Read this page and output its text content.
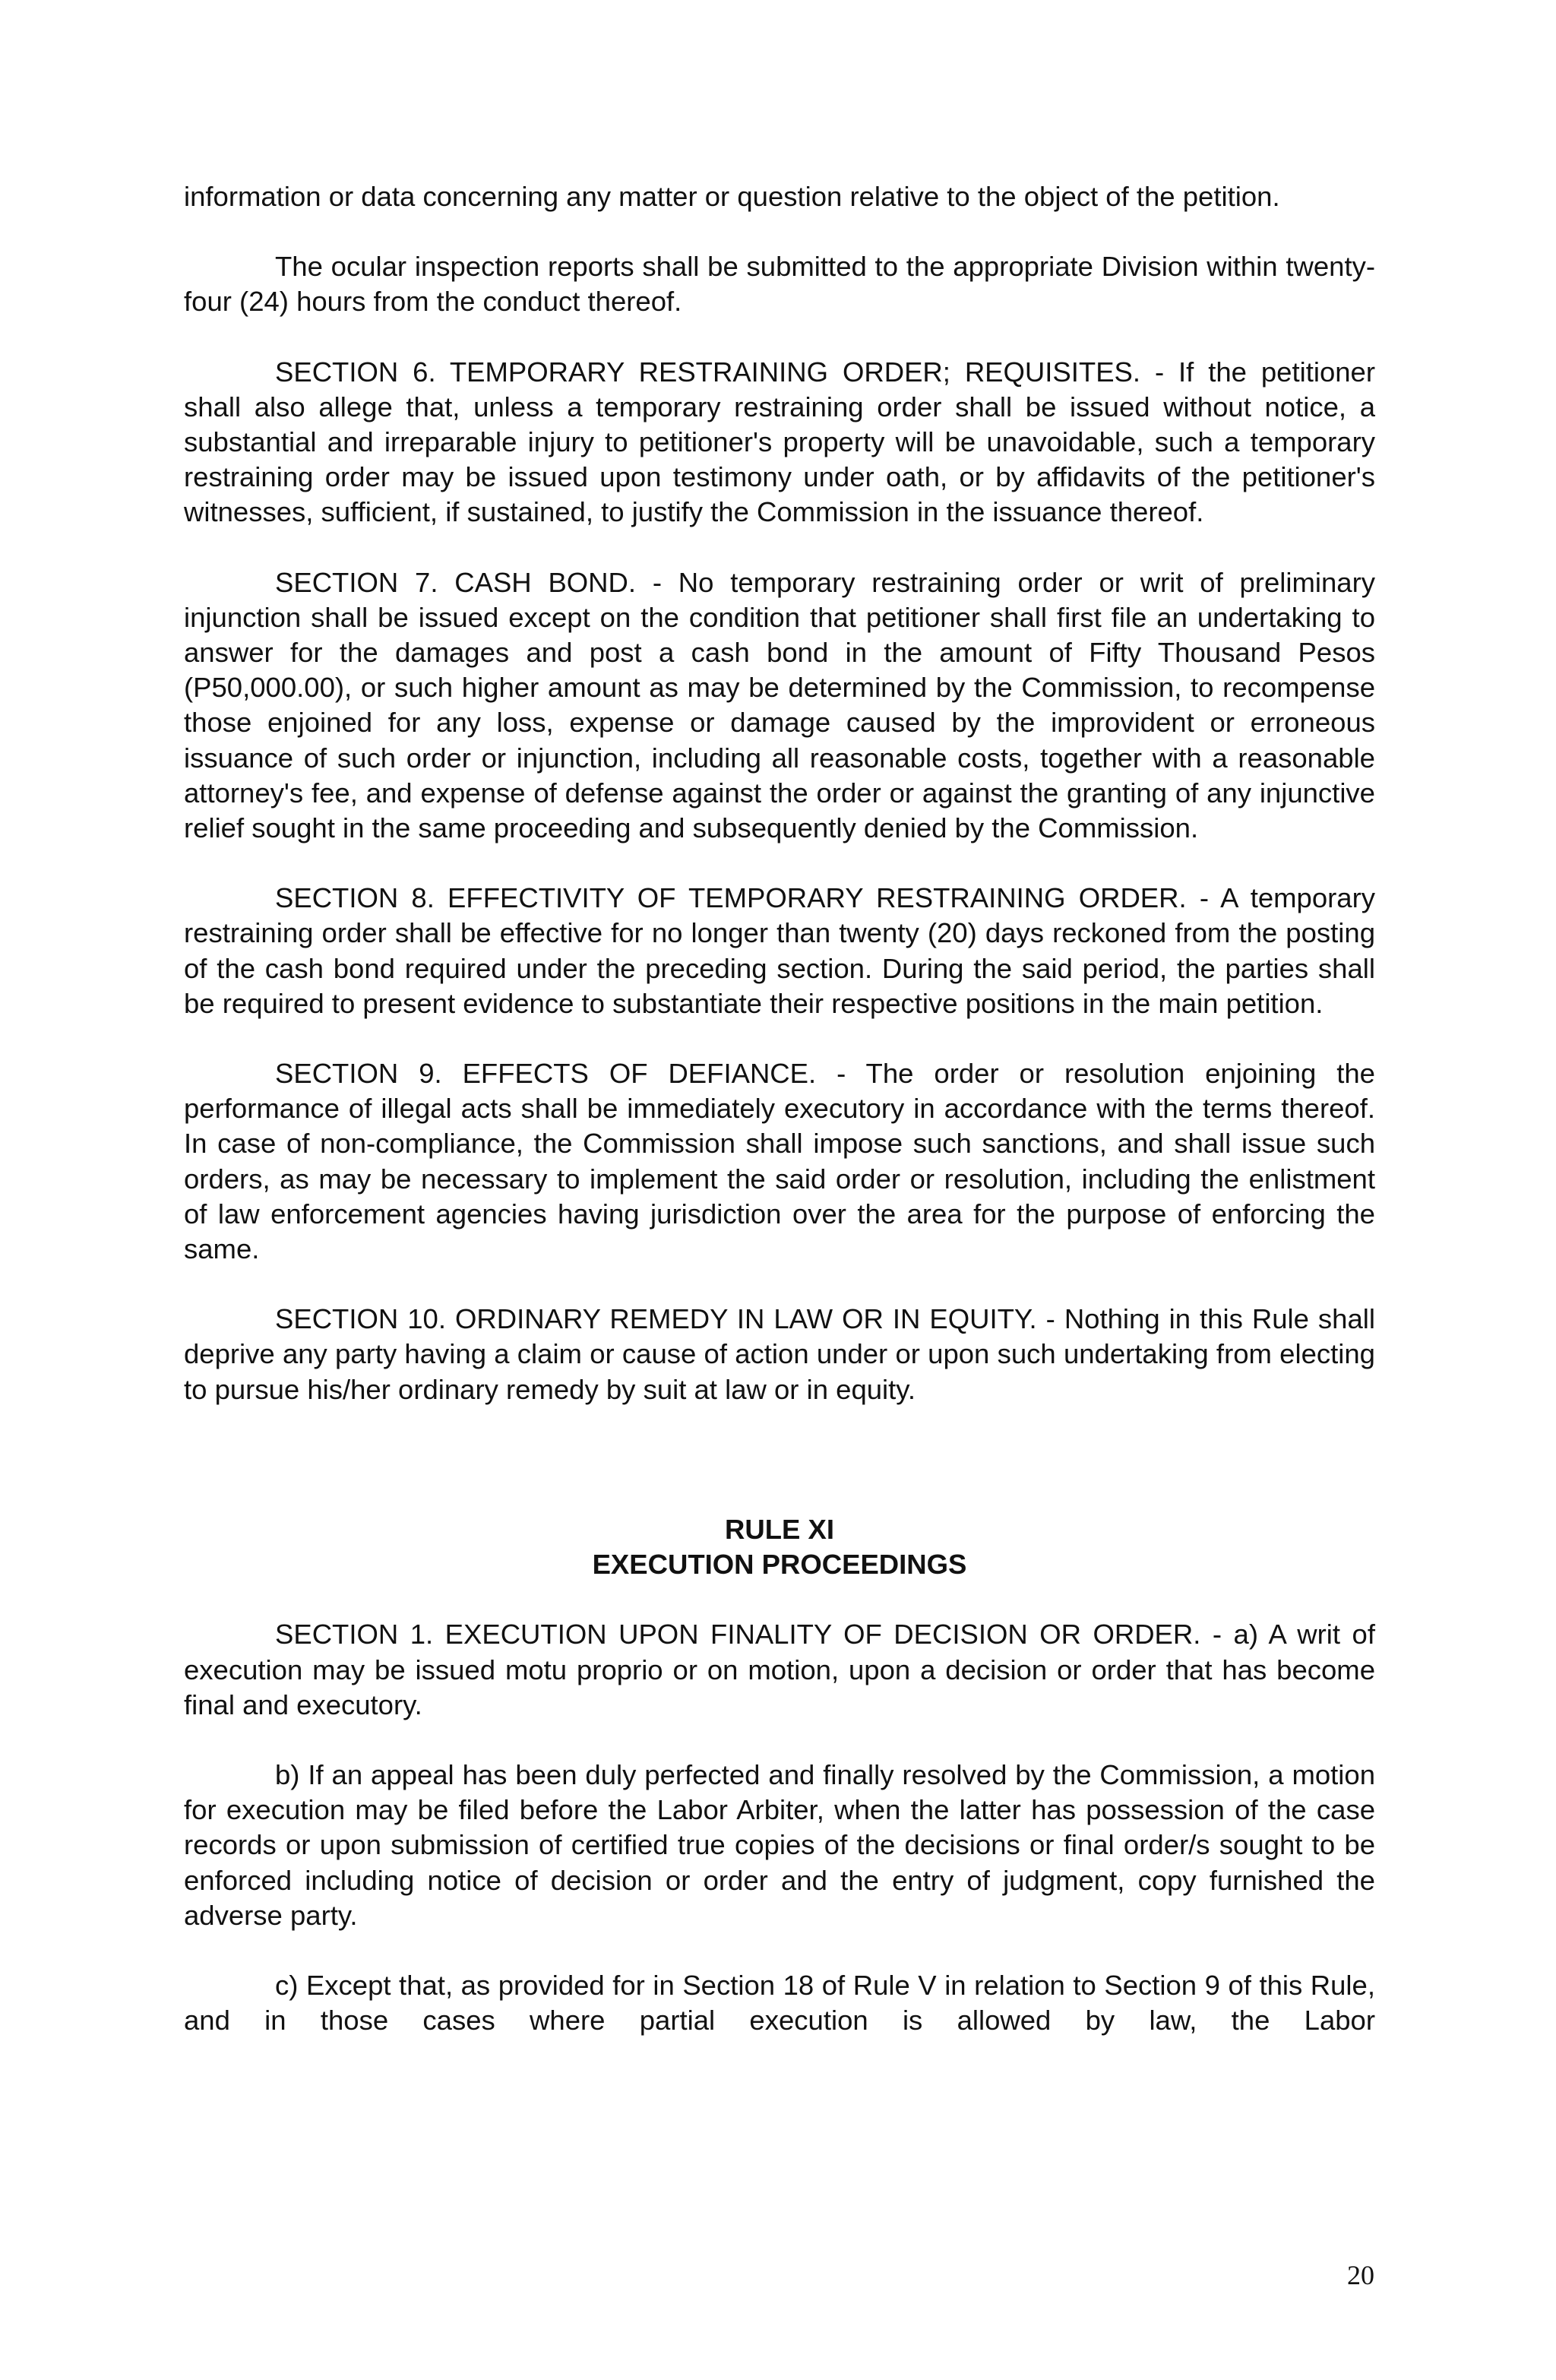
information or data concerning any matter or question relative to the object of the petition.

The ocular inspection reports shall be submitted to the appropriate Division within twenty-four (24) hours from the conduct thereof.

SECTION 6. TEMPORARY RESTRAINING ORDER; REQUISITES. - If the petitioner shall also allege that, unless a temporary restraining order shall be issued without notice, a substantial and irreparable injury to petitioner's property will be unavoidable, such a temporary restraining order may be issued upon testimony under oath, or by affidavits of the petitioner's witnesses, sufficient, if sustained, to justify the Commission in the issuance thereof.

SECTION 7. CASH BOND. - No temporary restraining order or writ of preliminary injunction shall be issued except on the condition that petitioner shall first file an undertaking to answer for the damages and post a cash bond in the amount of Fifty Thousand Pesos (P50,000.00), or such higher amount as may be determined by the Commission, to recompense those enjoined for any loss, expense or damage caused by the improvident or erroneous issuance of such order or injunction, including all reasonable costs, together with a reasonable attorney's fee, and expense of defense against the order or against the granting of any injunctive relief sought in the same proceeding and subsequently denied by the Commission.

SECTION 8. EFFECTIVITY OF TEMPORARY RESTRAINING ORDER. - A temporary restraining order shall be effective for no longer than twenty (20) days reckoned from the posting of the cash bond required under the preceding section. During the said period, the parties shall be required to present evidence to substantiate their respective positions in the main petition.

SECTION 9. EFFECTS OF DEFIANCE. - The order or resolution enjoining the performance of illegal acts shall be immediately executory in accordance with the terms thereof. In case of non-compliance, the Commission shall impose such sanctions, and shall issue such orders, as may be necessary to implement the said order or resolution, including the enlistment of law enforcement agencies having jurisdiction over the area for the purpose of enforcing the same.

SECTION 10. ORDINARY REMEDY IN LAW OR IN EQUITY. - Nothing in this Rule shall deprive any party having a claim or cause of action under or upon such undertaking from electing to pursue his/her ordinary remedy by suit at law or in equity.

RULE XI
EXECUTION PROCEEDINGS

SECTION 1. EXECUTION UPON FINALITY OF DECISION OR ORDER. - a) A writ of execution may be issued motu proprio or on motion, upon a decision or order that has become final and executory.

b) If an appeal has been duly perfected and finally resolved by the Commission, a motion for execution may be filed before the Labor Arbiter, when the latter has possession of the case records or upon submission of certified true copies of the decisions or final order/s sought to be enforced including notice of decision or order and the entry of judgment, copy furnished the adverse party.

c) Except that, as provided for in Section 18 of Rule V in relation to Section 9 of this Rule, and in those cases where partial execution is allowed by law, the Labor

20
